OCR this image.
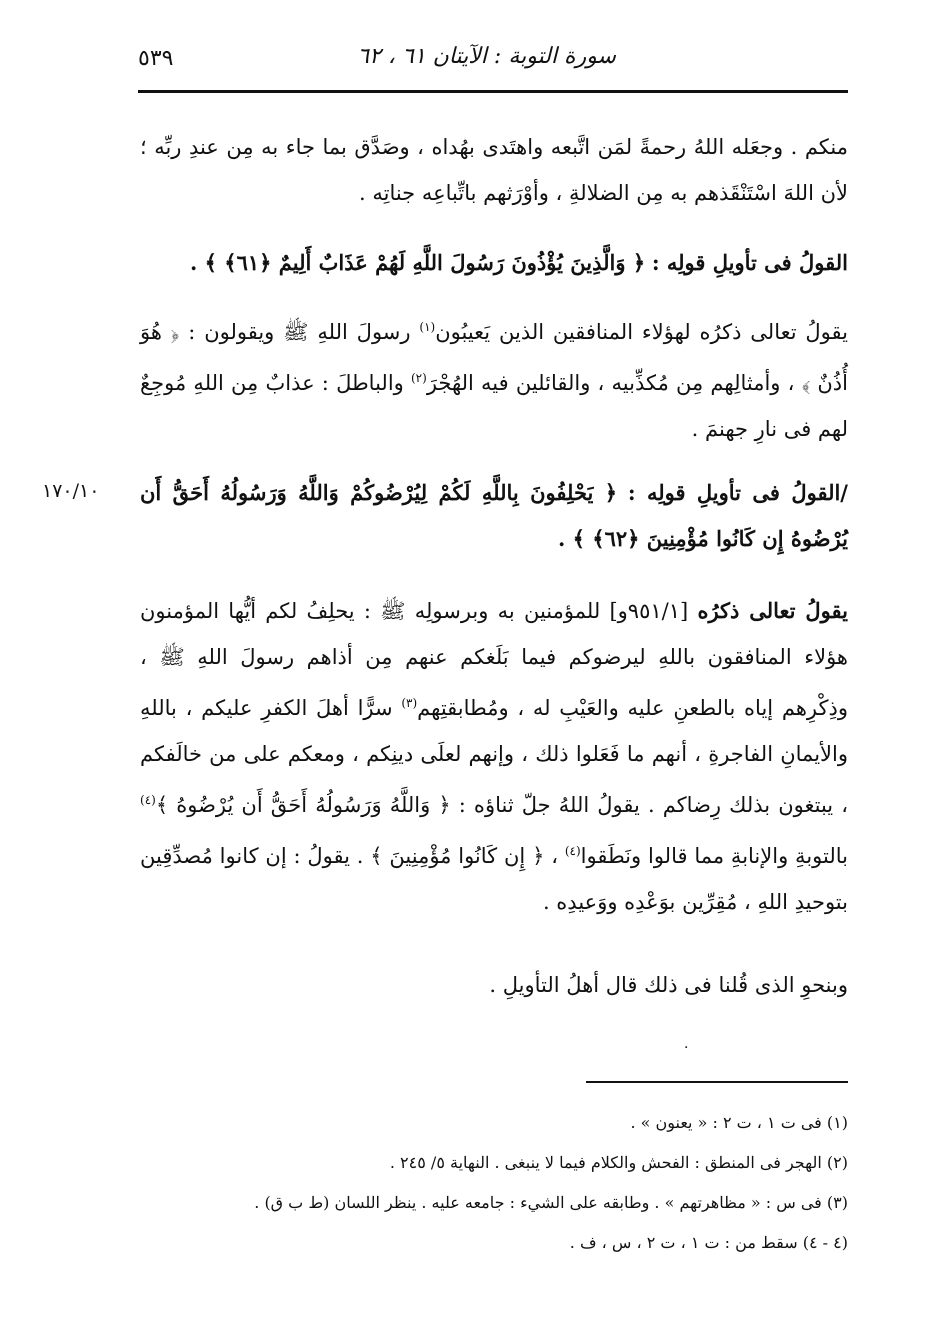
٥٣٩	سورة التوبة : الآيتان ٦١ ، ٦٢
منكم . وجعَله اللهُ رحمةً لمَن اتَّبعه واهتَدى بهُداه ، وصَدَّق بما جاء به مِن عندِ ربِّه ؛ لأن اللهَ اسْتَنْقَذهم به مِن الضلالةِ ، وأوْرَثهم باتِّباعِه جناتِه .
القولُ فى تأويلِ قولِه : ﴿ وَالَّذِينَ يُؤْذُونَ رَسُولَ اللَّهِ لَهُمْ عَذَابٌ أَلِيمٌ ﴿٦١﴾ ﴾ .
يقولُ تعالى ذكرُه لهؤلاء المنافقين الذين يَعيبُون$^{(١)}$ رسولَ اللهِ ﷺ ويقولون : ﴿ هُوَ أُذُنٌ ﴾ ، وأمثالِهم مِن مُكذِّبيه ، والقائلين فيه الهُجْرَ$^{(٢)}$ والباطلَ : عذابٌ مِن اللهِ مُوجِعٌ لهم فى نارِ جهنمَ .
١٧٠/١٠	/القولُ فى تأويلِ قولِه : ﴿ يَحْلِفُونَ بِاللَّهِ لَكُمْ لِيُرْضُوكُمْ وَاللَّهُ وَرَسُولُهُ أَحَقُّ أَن يُرْضُوهُ إِن كَانُوا مُؤْمِنِينَ ﴿٦٢﴾ ﴾ .
يقولُ تعالى ذكرُه [٩٥١/١و] للمؤمنين به وبرسولِه ﷺ : يحلِفُ لكم أيُّها المؤمنون هؤلاء المنافقون باللهِ ليرضوكم فيما بَلَغكم عنهم مِن أذاهم رسولَ اللهِ ﷺ ، وذِكْرِهم إياه بالطعنِ عليه والعَيْبِ له ، ومُطابقتِهم$^{(٣)}$ سرًّا أهلَ الكفرِ عليكم ، باللهِ والأيمانِ الفاجرةِ ، أنهم ما فَعَلوا ذلك ، وإنهم لعلَى دينِكم ، ومعكم على من خالَفكم ، يبتغون بذلك رِضاكم . يقولُ اللهُ جلّ ثناؤه : ﴿ وَاللَّهُ وَرَسُولُهُ أَحَقُّ أَن يُرْضُوهُ ﴾$^{(٤)}$ بالتوبةِ والإنابةِ مما قالوا ونَطَقوا$^{(٤)}$ ، ﴿ إِن كَانُوا مُؤْمِنِينَ ﴾ . يقولُ : إن كانوا مُصدِّقِين بتوحيدِ اللهِ ، مُقِرِّين بوَعْدِه ووَعيدِه .
وبنحوِ الذى قُلنا فى ذلك قال أهلُ التأويلِ .
·
(١) فى ت ١ ، ت ٢ : « يعنون » .
(٢) الهجر فى المنطق : الفحش والكلام فيما لا ينبغى . النهاية ٥/ ٢٤٥ .
(٣) فى س : « مظاهرتهم » . وطابقه على الشيء : جامعه عليه . ينظر اللسان (ط ب ق) .
(٤ - ٤) سقط من : ت ١ ، ت ٢ ، س ، ف .
